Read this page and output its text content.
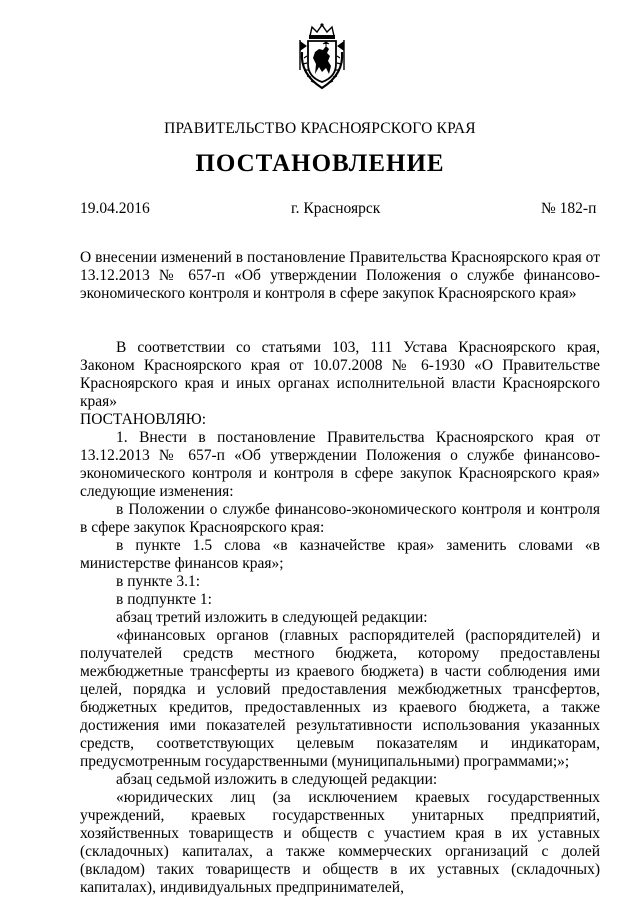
ПРАВИТЕЛЬСТВО КРАСНОЯРСКОГО КРАЯ
ПОСТАНОВЛЕНИЕ
19.04.2016	г. Красноярск	№ 182-п
О внесении изменений в постановление Правительства Красноярского края от 13.12.2013 № 657-п «Об утверждении Положения о службе финансово-экономического контроля и контроля в сфере закупок Красноярского края»

В соответствии со статьями 103, 111 Устава Красноярского края, Законом Красноярского края от 10.07.2008 № 6-1930 «О Правительстве Красноярского края и иных органах исполнительной власти Красноярского края»

ПОСТАНОВЛЯЮ:

1. Внести в постановление Правительства Красноярского края от 13.12.2013 № 657-п «Об утверждении Положения о службе финансово-экономического контроля и контроля в сфере закупок Красноярского края» следующие изменения:

в Положении о службе финансово-экономического контроля и контроля в сфере закупок Красноярского края:

в пункте 1.5 слова «в казначействе края» заменить словами «в министерстве финансов края»;

в пункте 3.1:

в подпункте 1:

абзац третий изложить в следующей редакции:

«финансовых органов (главных распорядителей (распорядителей) и получателей средств местного бюджета, которому предоставлены межбюджетные трансферты из краевого бюджета) в части соблюдения ими целей, порядка и условий предоставления межбюджетных трансфертов, бюджетных кредитов, предоставленных из краевого бюджета, а также достижения ими показателей результативности использования указанных средств, соответствующих целевым показателям и индикаторам, предусмотренным государственными (муниципальными) программами;»;

абзац седьмой изложить в следующей редакции:

«юридических лиц (за исключением краевых государственных учреждений, краевых государственных унитарных предприятий, хозяйственных товариществ и обществ с участием края в их уставных (складочных) капиталах, а также коммерческих организаций с долей (вкладом) таких товариществ и обществ в их уставных (складочных) капиталах), индивидуальных предпринимателей,
